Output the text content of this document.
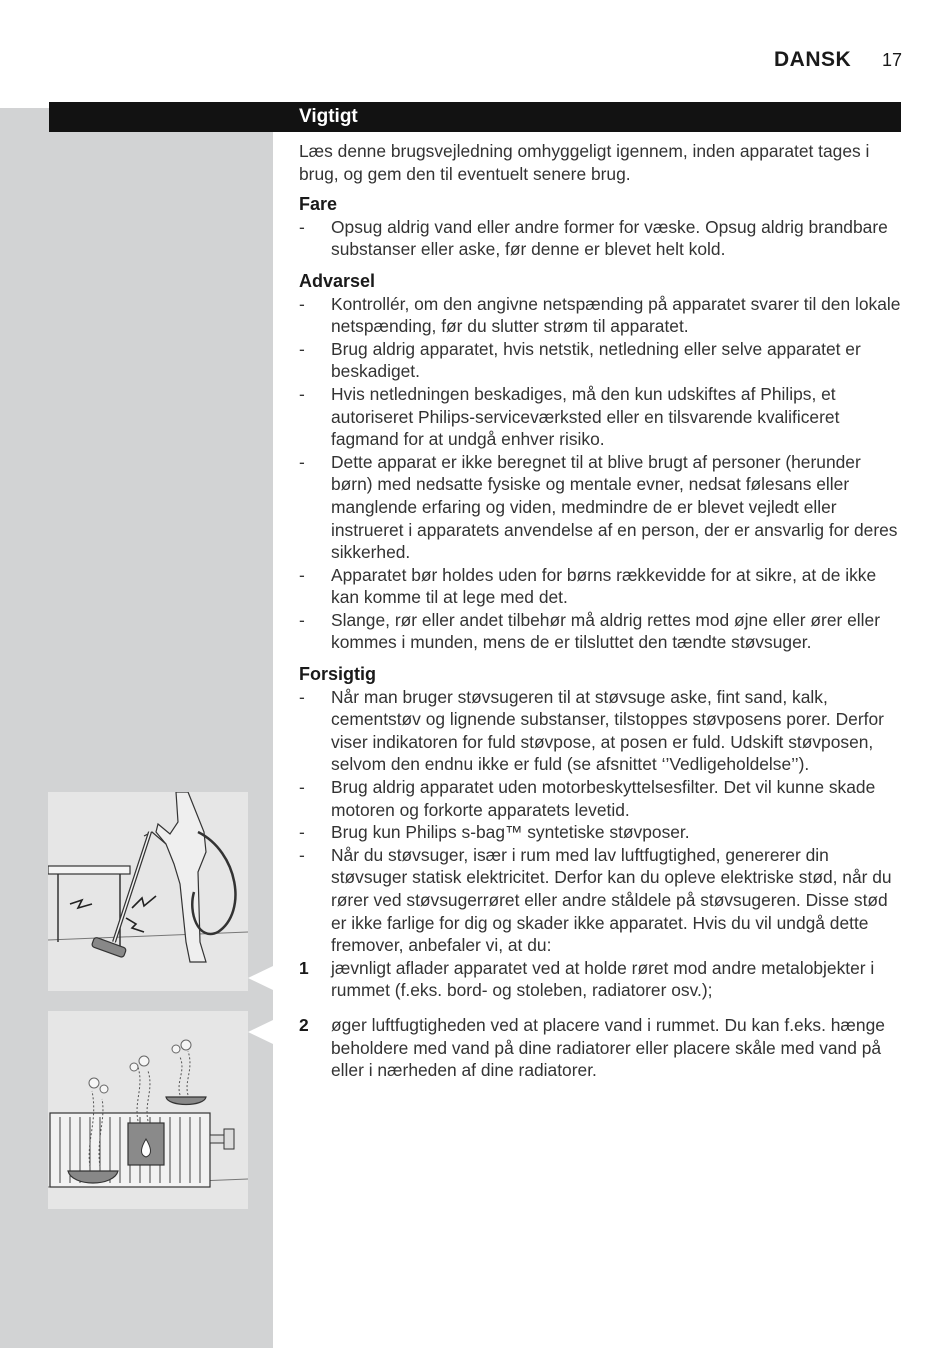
DANSK 17
Vigtigt

Læs denne brugsvejledning omhyggeligt igennem, inden apparatet tages i brug, og gem den til eventuelt senere brug.

Fare
- Opsug aldrig vand eller andre former for væske. Opsug aldrig brandbare substanser eller aske, før denne er blevet helt kold.
Advarsel
- Kontrollér, om den angivne netspænding på apparatet svarer til den lokale netspænding, før du slutter strøm til apparatet.
- Brug aldrig apparatet, hvis netstik, netledning eller selve apparatet er beskadiget.
- Hvis netledningen beskadiges, må den kun udskiftes af Philips, et autoriseret Philips-serviceværksted eller en tilsvarende kvalificeret fagmand for at undgå enhver risiko.
- Dette apparat er ikke beregnet til at blive brugt af personer (herunder børn) med nedsatte fysiske og mentale evner, nedsat følesans eller manglende erfaring og viden, medmindre de er blevet vejledt eller instrueret i apparatets anvendelse af en person, der er ansvarlig for deres sikkerhed.
- Apparatet bør holdes uden for børns rækkevidde for at sikre, at de ikke kan komme til at lege med det.
- Slange, rør eller andet tilbehør må aldrig rettes mod øjne eller ører eller kommes i munden, mens de er tilsluttet den tændte støvsuger.
Forsigtig
- Når man bruger støvsugeren til at støvsuge aske, fint sand, kalk, cementstøv og lignende substanser, tilstoppes støvposens porer. Derfor viser indikatoren for fuld støvpose, at posen er fuld. Udskift støvposen, selvom den endnu ikke er fuld (se afsnittet ‘’Vedligeholdelse’’).
- Brug aldrig apparatet uden motorbeskyttelsesfilter. Det vil kunne skade motoren og forkorte apparatets levetid.
- Brug kun Philips s-bag™ syntetiske støvposer.
- Når du støvsuger, især i rum med lav luftfugtighed, genererer din støvsuger statisk elektricitet. Derfor kan du opleve elektriske stød, når du rører ved støvsugerrøret eller andre ståldele på støvsugeren. Disse stød er ikke farlige for dig og skader ikke apparatet. Hvis du vil undgå dette fremover, anbefaler vi, at du:
1 jævnligt aflader apparatet ved at holde røret mod andre metalobjekter i rummet (f.eks. bord- og stoleben, radiatorer osv.);
2 øger luftfugtigheden ved at placere vand i rummet. Du kan f.eks. hænge beholdere med vand på dine radiatorer eller placere skåle med vand på eller i nærheden af dine radiatorer.
